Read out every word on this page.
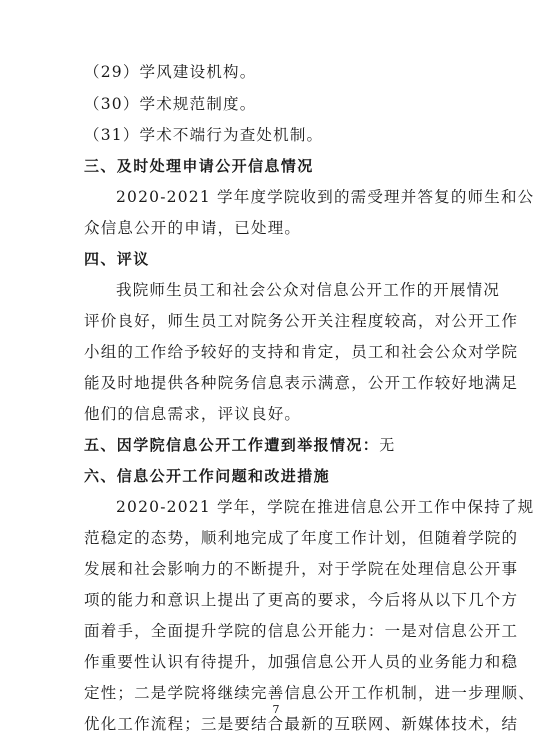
（29）学风建设机构。
（30）学术规范制度。
（31）学术不端行为查处机制。
三、及时处理申请公开信息情况
2020-2021 学年度学院收到的需受理并答复的师生和公
众信息公开的申请，已处理。
四、评议
我院师生员工和社会公众对信息公开工作的开展情况
评价良好，师生员工对院务公开关注程度较高，对公开工作
小组的工作给予较好的支持和肯定，员工和社会公众对学院
能及时地提供各种院务信息表示满意，公开工作较好地满足
他们的信息需求，评议良好。
五、因学院信息公开工作遭到举报情况：无
六、信息公开工作问题和改进措施
2020-2021 学年，学院在推进信息公开工作中保持了规
范稳定的态势，顺利地完成了年度工作计划，但随着学院的
发展和社会影响力的不断提升，对于学院在处理信息公开事
项的能力和意识上提出了更高的要求，今后将从以下几个方
面着手，全面提升学院的信息公开能力：一是对信息公开工
作重要性认识有待提升，加强信息公开人员的业务能力和稳
定性；二是学院将继续完善信息公开工作机制，进一步理顺、
优化工作流程；三是要结合最新的互联网、新媒体技术，结
7
